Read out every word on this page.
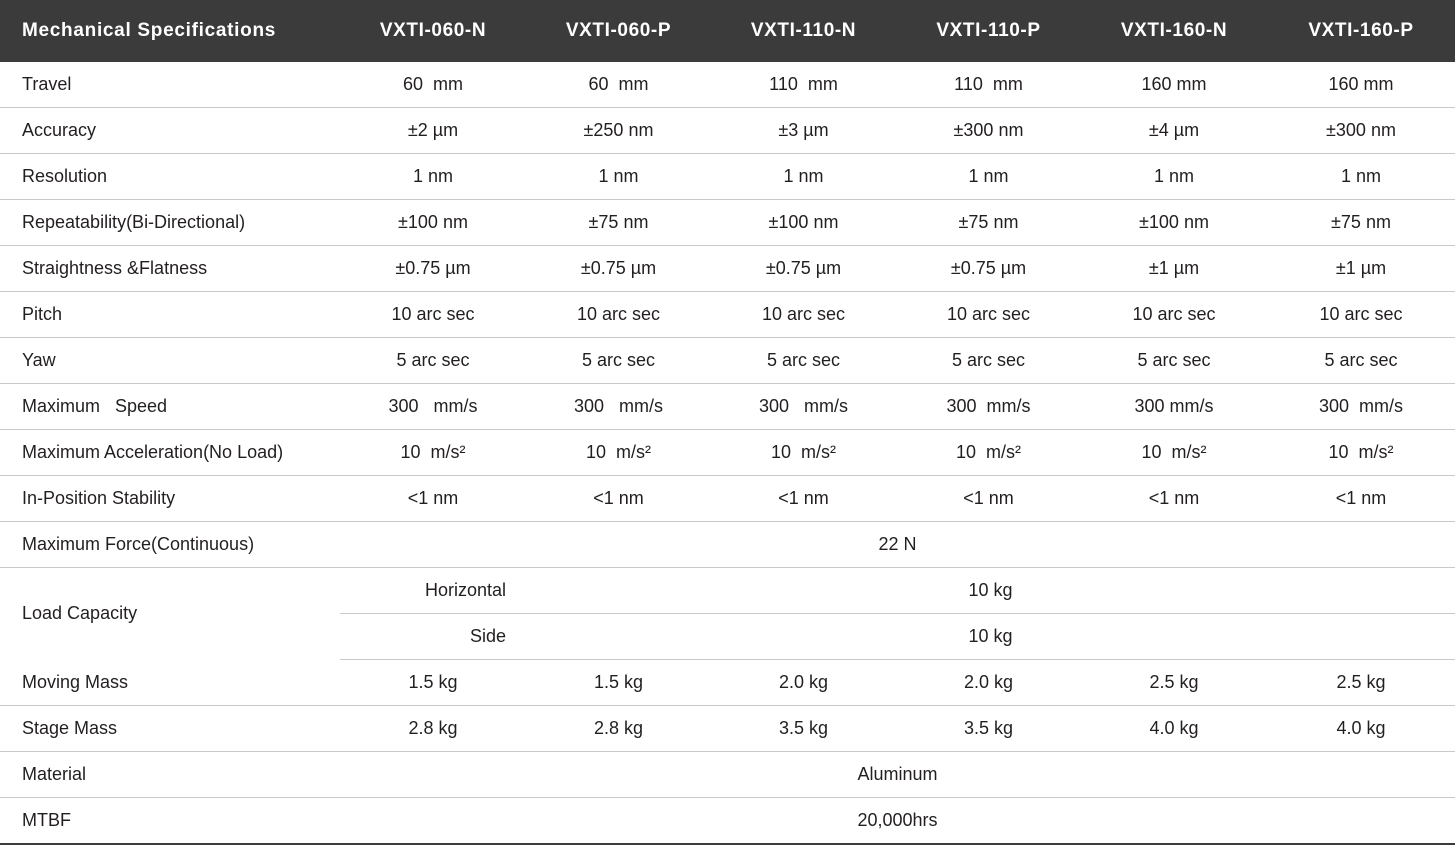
Mechanical Specifications	VXTI-060-N	VXTI-060-P	VXTI-110-N	VXTI-110-P	VXTI-160-N	VXTI-160-P
Travel	60  mm	60  mm	110  mm	110  mm	160 mm	160 mm
Accuracy	±2 µm	±250 nm	±3 µm	±300 nm	±4 µm	±300 nm
Resolution	1 nm	1 nm	1 nm	1 nm	1 nm	1 nm
Repeatability(Bi-Directional)	±100 nm	±75 nm	±100 nm	±75 nm	±100 nm	±75 nm
Straightness &Flatness	±0.75 µm	±0.75 µm	±0.75 µm	±0.75 µm	±1 µm	±1 µm
Pitch	10 arc sec	10 arc sec	10 arc sec	10 arc sec	10 arc sec	10 arc sec
Yaw	5 arc sec	5 arc sec	5 arc sec	5 arc sec	5 arc sec	5 arc sec
Maximum   Speed	300   mm/s	300   mm/s	300   mm/s	300  mm/s	300 mm/s	300  mm/s
Maximum Acceleration(No Load)	10  m/s²	10  m/s²	10  m/s²	10  m/s²	10  m/s²	10  m/s²
In-Position Stability	<1 nm	<1 nm	<1 nm	<1 nm	<1 nm	<1 nm
Maximum Force(Continuous)	22 N					
Load Capacity	Horizontal	10 kg				
	Side	10 kg				
Moving Mass	1.5 kg	1.5 kg	2.0 kg	2.0 kg	2.5 kg	2.5 kg
Stage Mass	2.8 kg	2.8 kg	3.5 kg	3.5 kg	4.0 kg	4.0 kg
Material	Aluminum					
MTBF	20,000hrs					
